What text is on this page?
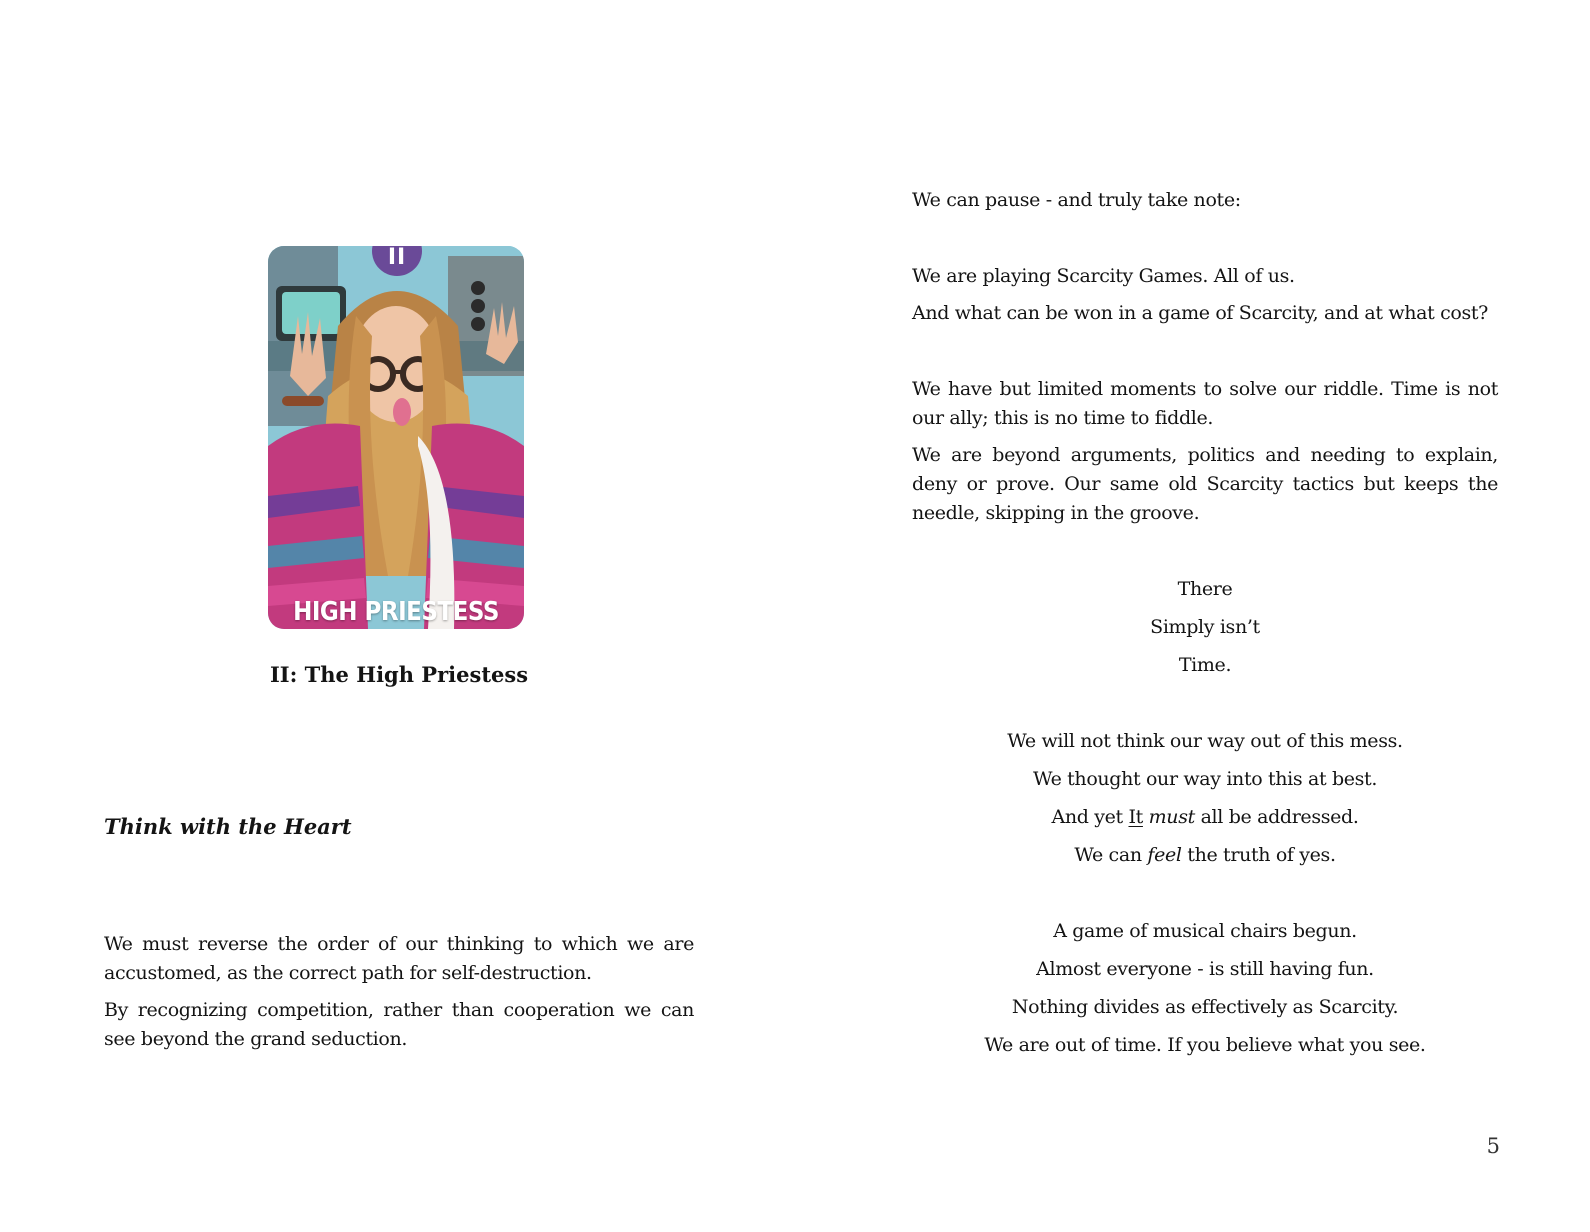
II
HIGH PRIESTESS
II: The High Priestess
Think with the Heart

We must reverse the order of our thinking to which we are accustomed, as the correct path for self-destruction.

By recognizing competition, rather than cooperation we can see beyond the grand seduction.

We can pause - and truly take note:

We are playing Scarcity Games. All of us.

And what can be won in a game of Scarcity, and at what cost?

We have but limited moments to solve our riddle. Time is not our ally; this is no time to fiddle.

We are beyond arguments, politics and needing to explain, deny or prove. Our same old Scarcity tactics but keeps the needle, skipping in the groove.

There

Simply isn’t

Time.

We will not think our way out of this mess.

We thought our way into this at best.

And yet It must all be addressed.

We can feel the truth of yes.

A game of musical chairs begun.

Almost everyone - is still having fun.

Nothing divides as effectively as Scarcity.

We are out of time. If you believe what you see.

5
